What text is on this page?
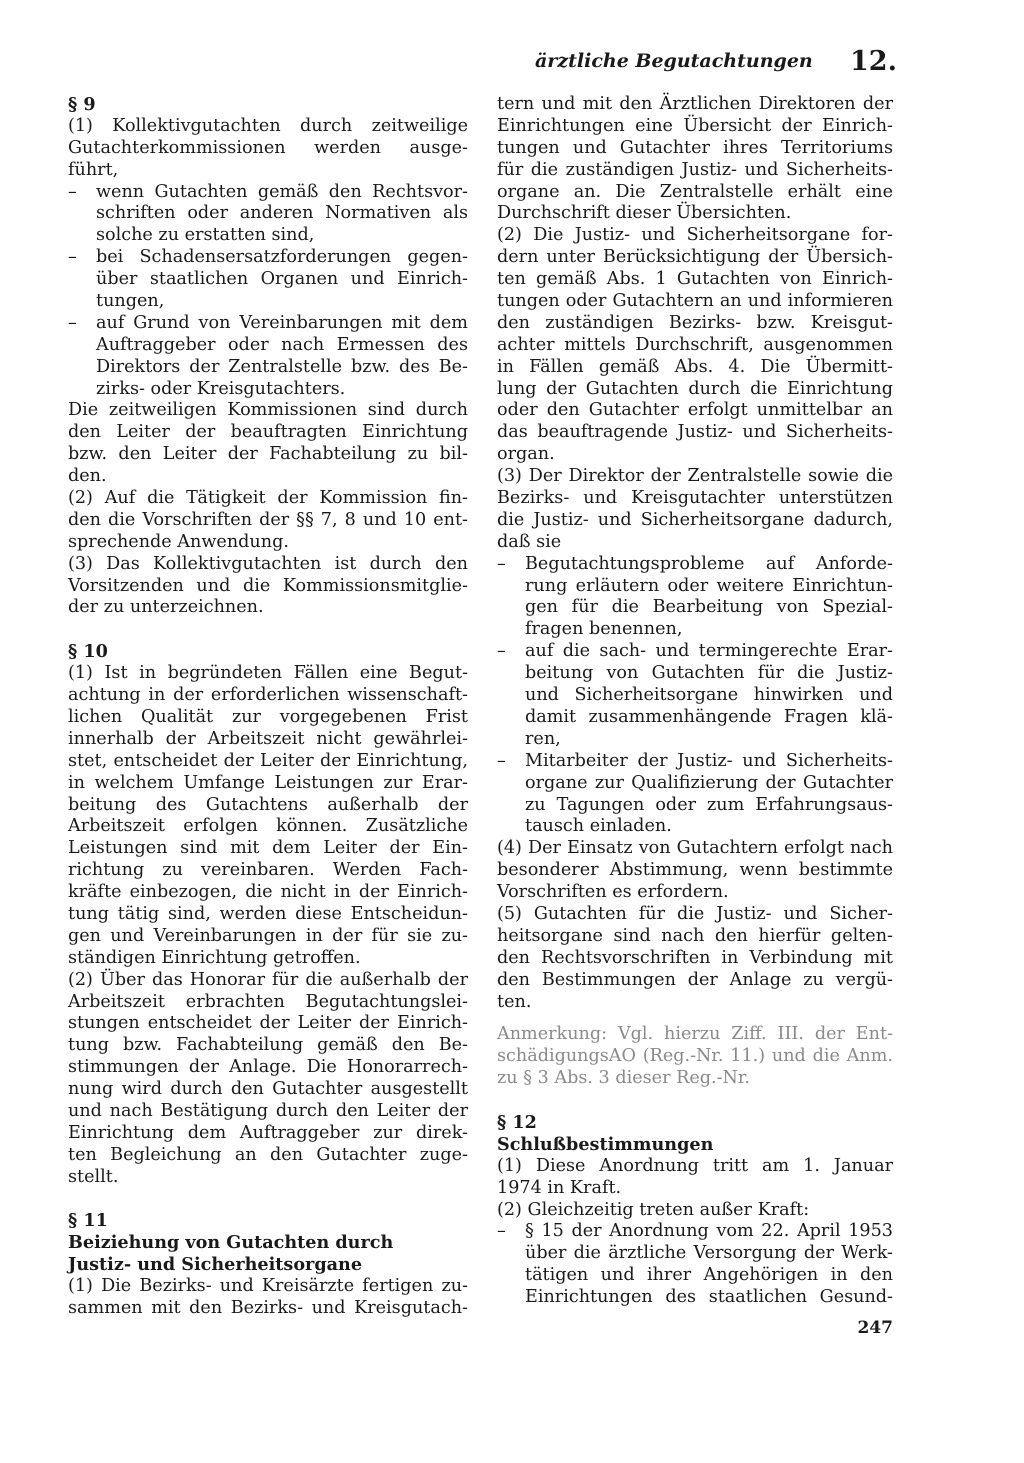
ärztliche Begutachtungen 12.
§ 9
(1) Kollektivgutachten durch zeitweilige
Gutachterkommissionen werden ausge-
führt,
– wenn Gutachten gemäß den Rechtsvor-
schriften oder anderen Normativen als
solche zu erstatten sind,
– bei Schadensersatzforderungen gegen-
über staatlichen Organen und Einrich-
tungen,
– auf Grund von Vereinbarungen mit dem
Auftraggeber oder nach Ermessen des
Direktors der Zentralstelle bzw. des Be-
zirks- oder Kreisgutachters.
Die zeitweiligen Kommissionen sind durch
den Leiter der beauftragten Einrichtung
bzw. den Leiter der Fachabteilung zu bil-
den.
(2) Auf die Tätigkeit der Kommission fin-
den die Vorschriften der §§ 7, 8 und 10 ent-
sprechende Anwendung.
(3) Das Kollektivgutachten ist durch den
Vorsitzenden und die Kommissionsmitglie-
der zu unterzeichnen.
§ 10
(1) Ist in begründeten Fällen eine Begut-
achtung in der erforderlichen wissenschaft-
lichen Qualität zur vorgegebenen Frist
innerhalb der Arbeitszeit nicht gewährlei-
stet, entscheidet der Leiter der Einrichtung,
in welchem Umfange Leistungen zur Erar-
beitung des Gutachtens außerhalb der
Arbeitszeit erfolgen können. Zusätzliche
Leistungen sind mit dem Leiter der Ein-
richtung zu vereinbaren. Werden Fach-
kräfte einbezogen, die nicht in der Einrich-
tung tätig sind, werden diese Entscheidun-
gen und Vereinbarungen in der für sie zu-
ständigen Einrichtung getroffen.
(2) Über das Honorar für die außerhalb der
Arbeitszeit erbrachten Begutachtungslei-
stungen entscheidet der Leiter der Einrich-
tung bzw. Fachabteilung gemäß den Be-
stimmungen der Anlage. Die Honorarrech-
nung wird durch den Gutachter ausgestellt
und nach Bestätigung durch den Leiter der
Einrichtung dem Auftraggeber zur direk-
ten Begleichung an den Gutachter zuge-
stellt.
§ 11
Beiziehung von Gutachten durch
Justiz- und Sicherheitsorgane
(1) Die Bezirks- und Kreisärzte fertigen zu-
sammen mit den Bezirks- und Kreisgutach-
tern und mit den Ärztlichen Direktoren der
Einrichtungen eine Übersicht der Einrich-
tungen und Gutachter ihres Territoriums
für die zuständigen Justiz- und Sicherheits-
organe an. Die Zentralstelle erhält eine
Durchschrift dieser Übersichten.
(2) Die Justiz- und Sicherheitsorgane for-
dern unter Berücksichtigung der Übersich-
ten gemäß Abs. 1 Gutachten von Einrich-
tungen oder Gutachtern an und informieren
den zuständigen Bezirks- bzw. Kreisgut-
achter mittels Durchschrift, ausgenommen
in Fällen gemäß Abs. 4. Die Übermitt-
lung der Gutachten durch die Einrichtung
oder den Gutachter erfolgt unmittelbar an
das beauftragende Justiz- und Sicherheits-
organ.
(3) Der Direktor der Zentralstelle sowie die
Bezirks- und Kreisgutachter unterstützen
die Justiz- und Sicherheitsorgane dadurch,
daß sie
– Begutachtungsprobleme auf Anforde-
rung erläutern oder weitere Einrichtun-
gen für die Bearbeitung von Spezial-
fragen benennen,
– auf die sach- und termingerechte Erar-
beitung von Gutachten für die Justiz-
und Sicherheitsorgane hinwirken und
damit zusammenhängende Fragen klä-
ren,
– Mitarbeiter der Justiz- und Sicherheits-
organe zur Qualifizierung der Gutachter
zu Tagungen oder zum Erfahrungsaus-
tausch einladen.
(4) Der Einsatz von Gutachtern erfolgt nach
besonderer Abstimmung, wenn bestimmte
Vorschriften es erfordern.
(5) Gutachten für die Justiz- und Sicher-
heitsorgane sind nach den hierfür gelten-
den Rechtsvorschriften in Verbindung mit
den Bestimmungen der Anlage zu vergü-
ten.
Anmerkung: Vgl. hierzu Ziff. III. der Ent-
schädigungsAO (Reg.-Nr. 11.) und die Anm.
zu § 3 Abs. 3 dieser Reg.-Nr.
§ 12
Schlußbestimmungen
(1) Diese Anordnung tritt am 1. Januar
1974 in Kraft.
(2) Gleichzeitig treten außer Kraft:
– § 15 der Anordnung vom 22. April 1953
über die ärztliche Versorgung der Werk-
tätigen und ihrer Angehörigen in den
Einrichtungen des staatlichen Gesund-
247
